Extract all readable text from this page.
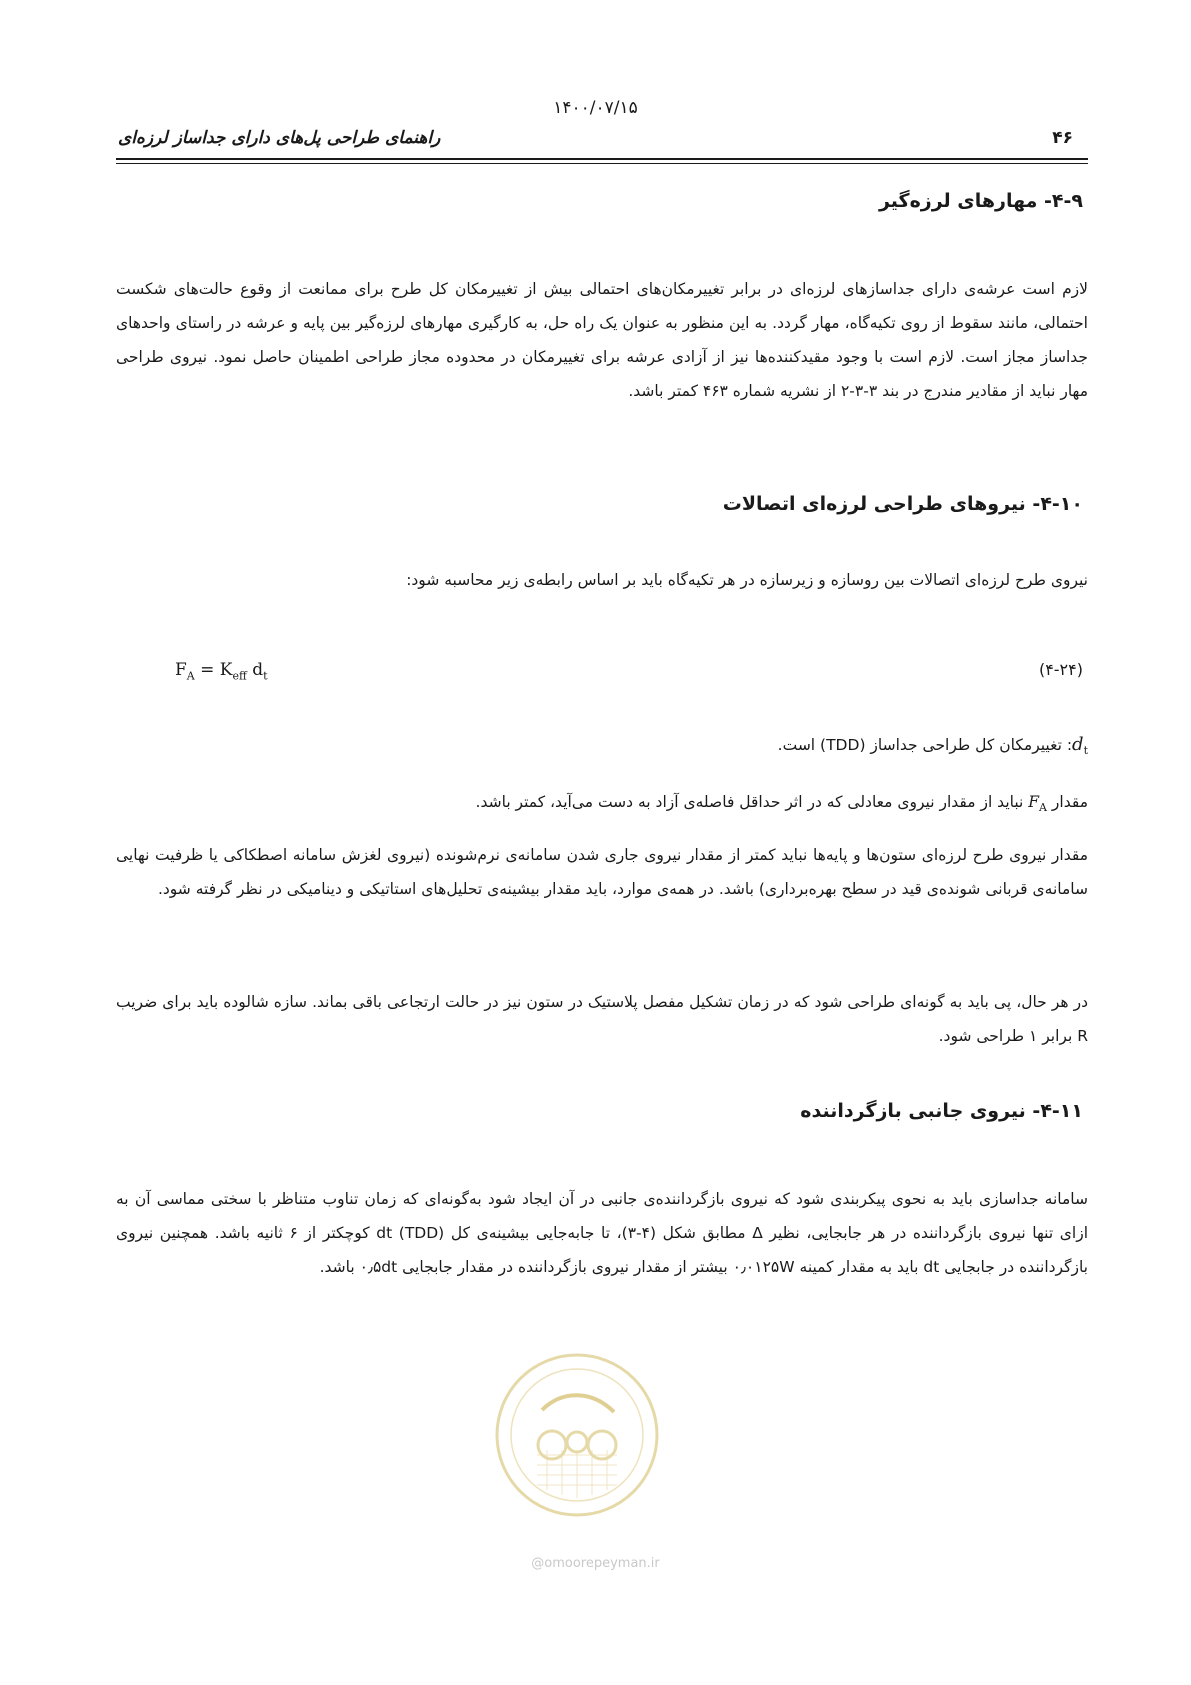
۱۴۰۰/۰۷/۱۵
راهنمای طراحی پل‌های دارای جداساز لرزه‌ای	۴۶
۴-۹- مهارهای لرزه‌گیر
لازم است عرشه‌ی دارای جداسازهای لرزه‌ای در برابر تغییرمکان‌های احتمالی بیش از تغییرمکان کل طرح برای ممانعت از وقوع حالت‌های شکست احتمالی، مانند سقوط از روی تکیه‌گاه، مهار گردد. به این منظور به عنوان یک راه حل، به کارگیری مهارهای لرزه‌گیر بین پایه و عرشه در راستای واحدهای جداساز مجاز است. لازم است با وجود مقیدکننده‌ها نیز از آزادی عرشه برای تغییرمکان در محدوده مجاز طراحی اطمینان حاصل نمود. نیروی طراحی مهار نباید از مقادیر مندرج در بند ۳-۳-۲ از نشریه شماره ۴۶۳ کمتر باشد.
۴-۱۰- نیروهای طراحی لرزه‌ای اتصالات
نیروی طرح لرزه‌ای اتصالات بین روسازه و زیرسازه در هر تکیه‌گاه باید بر اساس رابطه‌ی زیر محاسبه شود:
$F_A = K_{eff}$ $d_t$	(۴-۲۴)
$d_t$: تغییرمکان کل طراحی جداساز (TDD) است.
مقدار $F_A$ نباید از مقدار نیروی معادلی که در اثر حداقل فاصله‌ی آزاد به دست می‌آید، کمتر باشد.
مقدار نیروی طرح لرزه‌ای ستون‌ها و پایه‌ها نباید کمتر از مقدار نیروی جاری شدن سامانه‌ی نرم‌شونده (نیروی لغزش سامانه اصطکاکی یا ظرفیت نهایی سامانه‌ی قربانی شونده‌ی قید در سطح بهره‌برداری) باشد. در همه‌ی موارد، باید مقدار بیشینه‌ی تحلیل‌های استاتیکی و دینامیکی در نظر گرفته شود.
در هر حال، پی باید به گونه‌ای طراحی شود که در زمان تشکیل مفصل پلاستیک در ستون نیز در حالت ارتجاعی باقی بماند. سازه شالوده باید برای ضریب R برابر ۱ طراحی شود.
۴-۱۱- نیروی جانبی بازگرداننده
سامانه جداسازی باید به نحوی پیکربندی شود که نیروی بازگرداننده‌ی جانبی در آن ایجاد شود به‌گونه‌ای که زمان تناوب متناظر با سختی مماسی آن به ازای تنها نیروی بازگرداننده در هر جابجایی، نظیر Δ مطابق شکل (۴-۳)، تا جابه‌جایی بیشینه‌ی کل dt (TDD) کوچکتر از ۶ ثانیه باشد. همچنین نیروی بازگرداننده در جابجایی dt باید به مقدار کمینه ۰٫۰۱۲۵W بیشتر از مقدار نیروی بازگرداننده در مقدار جابجایی ۰٫۵dt باشد.
@omoorepeyman.ir
